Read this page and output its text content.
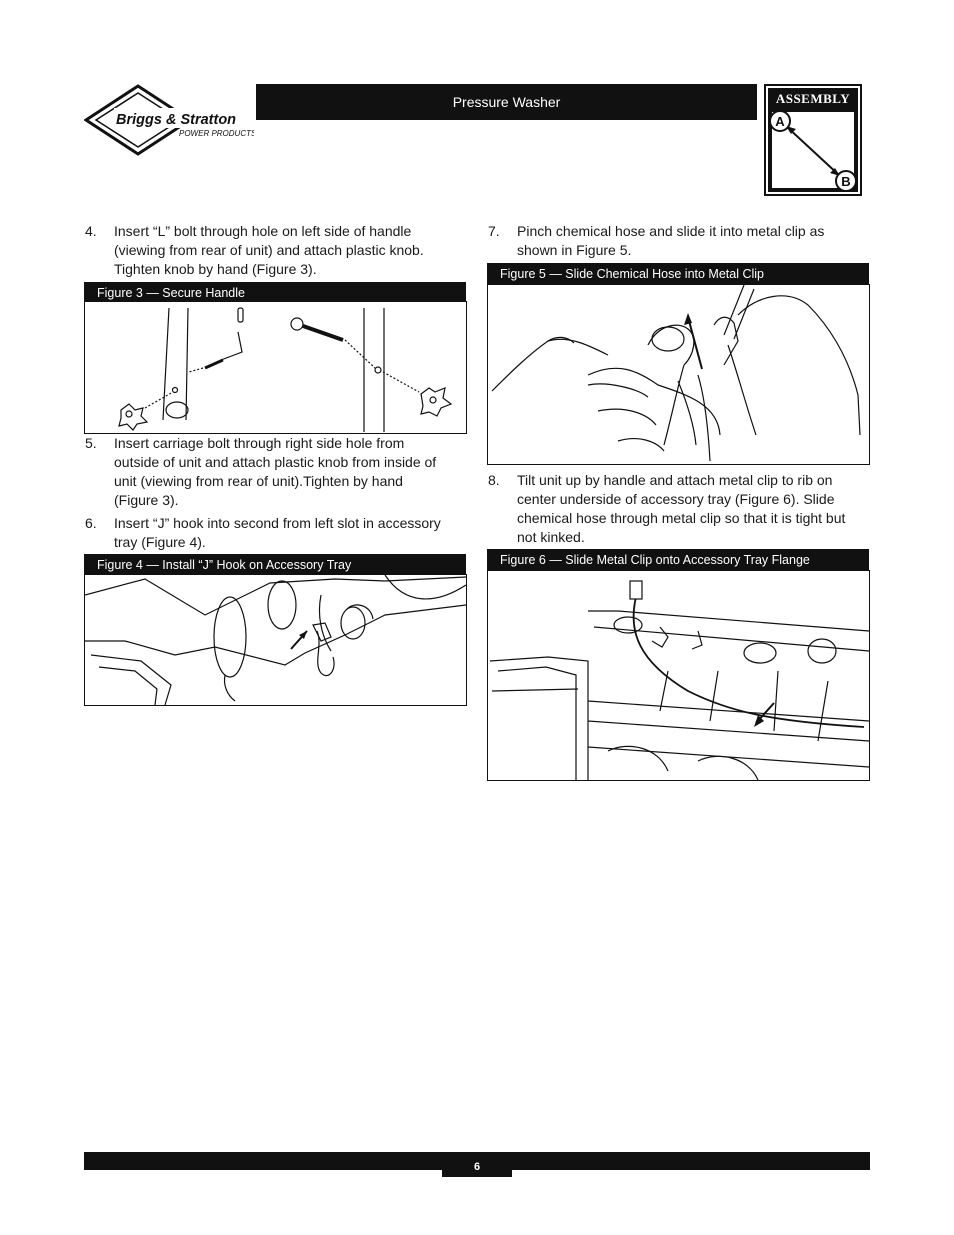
Briggs & Stratton
POWER PRODUCTS
Pressure Washer	ASSEMBLY
A
B
4.	Insert “L” bolt through hole on left side of handle
(viewing from rear of unit) and attach plastic knob.
Tighten knob by hand (Figure 3).
Figure 3 — Secure Handle
5.	Insert carriage bolt through right side hole from
outside of unit and attach plastic knob from inside of
unit (viewing from rear of unit).Tighten by hand
(Figure 3).
6.	Insert “J” hook into second from left slot in accessory
tray (Figure 4).
Figure 4 — Install “J” Hook on Accessory Tray
7.	Pinch chemical hose and slide it into metal clip as
shown in Figure 5.
Figure 5 — Slide Chemical Hose into Metal Clip
8.	Tilt unit up by handle and attach metal clip to rib on
center underside of accessory tray (Figure 6). Slide
chemical hose through metal clip so that it is tight but
not kinked.
Figure 6 — Slide Metal Clip onto Accessory Tray Flange
6
